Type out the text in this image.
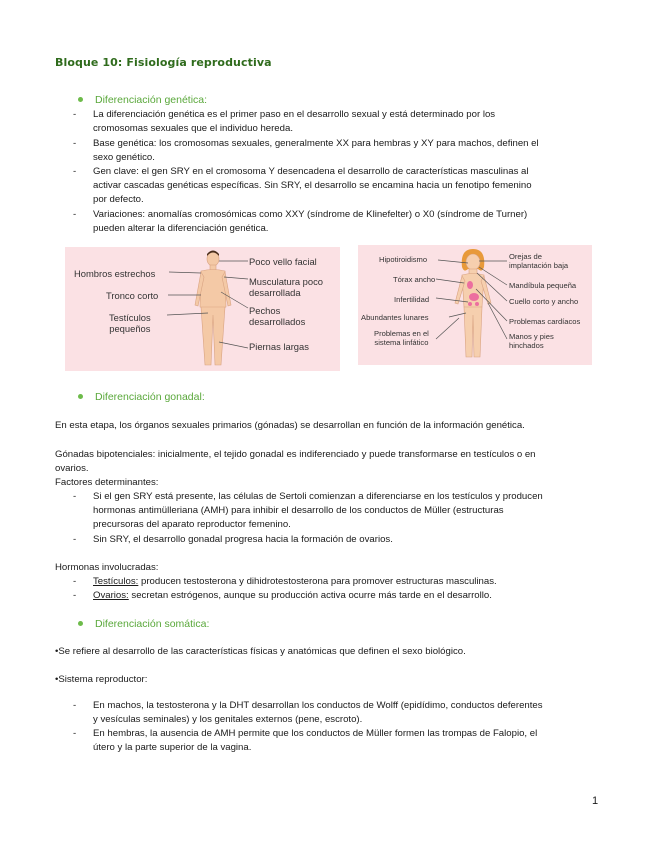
Bloque 10: Fisiología reproductiva
Diferenciación genética:
- La diferenciación genética es el primer paso en el desarrollo sexual y está determinado por los
cromosomas sexuales que el individuo hereda.
- Base genética: los cromosomas sexuales, generalmente XX para hembras y XY para machos, definen el
sexo genético.
- Gen clave: el gen SRY en el cromosoma Y desencadena el desarrollo de características masculinas al
activar cascadas genéticas específicas. Sin SRY, el desarrollo se encamina hacia un fenotipo femenino
por defecto.
- Variaciones: anomalías cromosómicas como XXY (síndrome de Klinefelter) o X0 (síndrome de Turner)
pueden alterar la diferenciación genética.
Hombros estrechos
Tronco corto
Testículos
pequeños
Poco vello facial
Musculatura poco
desarrollada
Pechos
desarrollados
Piernas largas
Hipotiroidismo
Tórax ancho
Infertilidad
Abundantes lunares
Problemas en el
sistema linfático
Orejas de
implantación baja
Mandíbula pequeña
Cuello corto y ancho
Problemas cardíacos
Manos y pies
hinchados
Diferenciación gonadal:
En esta etapa, los órganos sexuales primarios (gónadas) se desarrollan en función de la información genética.
Gónadas bipotenciales: inicialmente, el tejido gonadal es indiferenciado y puede transformarse en testículos o en
ovarios.
Factores determinantes:
- Si el gen SRY está presente, las células de Sertoli comienzan a diferenciarse en los testículos y producen
hormonas antimülleriana (AMH) para inhibir el desarrollo de los conductos de Müller (estructuras
precursoras del aparato reproductor femenino.
- Sin SRY, el desarrollo gonadal progresa hacia la formación de ovarios.
Hormonas involucradas:
- Testículos: producen testosterona y dihidrotestosterona para promover estructuras masculinas.
- Ovarios: secretan estrógenos, aunque su producción activa ocurre más tarde en el desarrollo.
Diferenciación somática:
•Se refiere al desarrollo de las características físicas y anatómicas que definen el sexo biológico.
•Sistema reproductor:
- En machos, la testosterona y la DHT desarrollan los conductos de Wolff (epidídimo, conductos deferentes
y vesículas seminales) y los genitales externos (pene, escroto).
- En hembras, la ausencia de AMH permite que los conductos de Müller formen las trompas de Falopio, el
útero y la parte superior de la vagina.
1
